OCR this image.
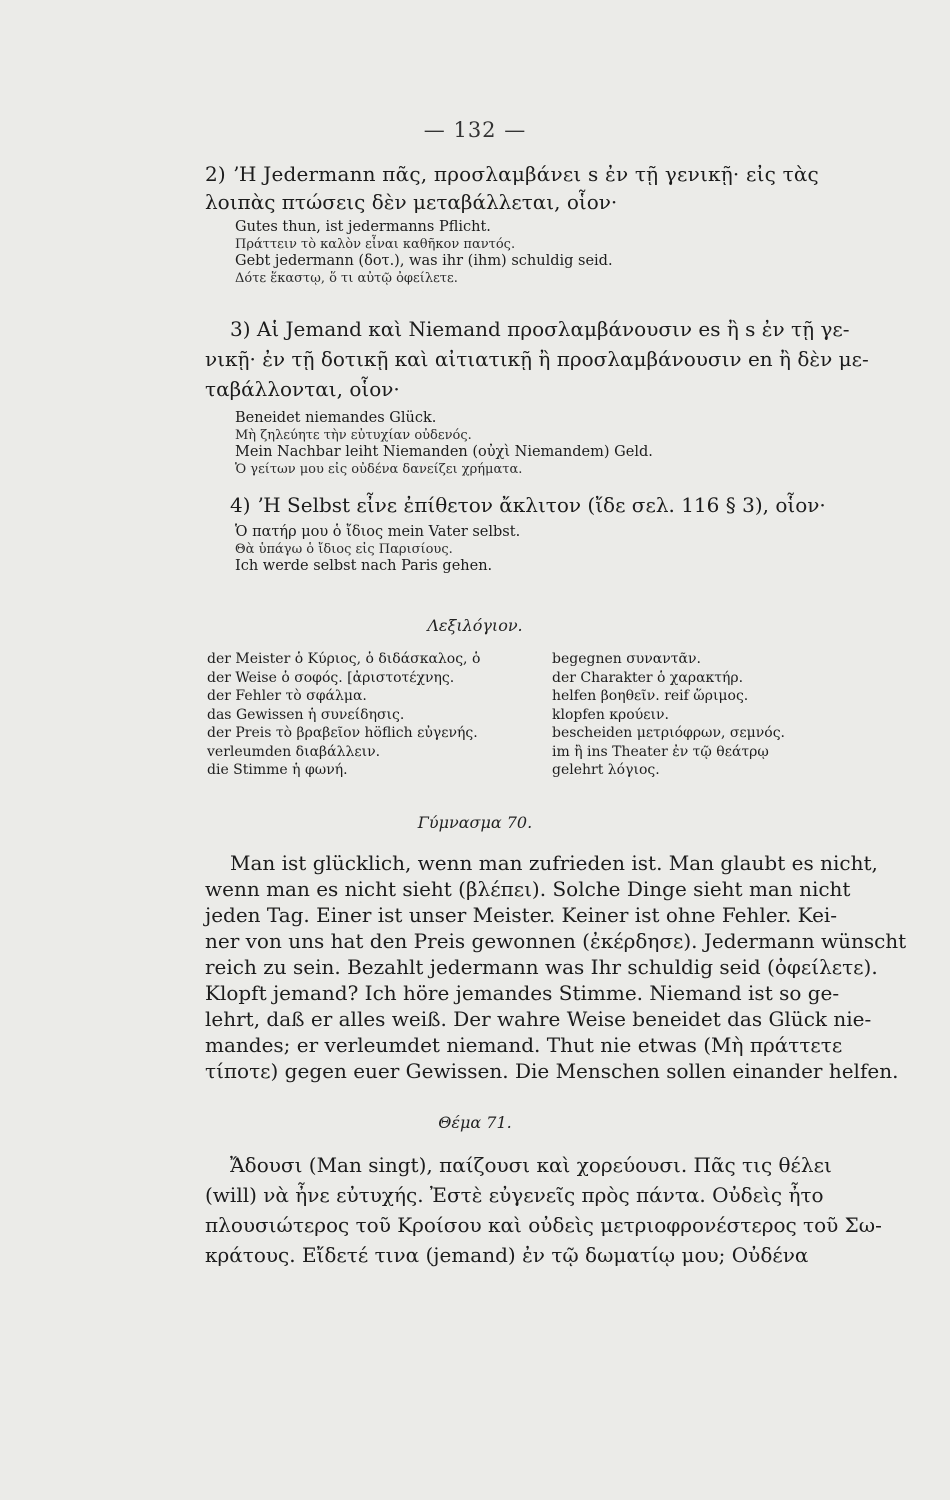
— 132 —
2) ʼΗ Jedermann πᾶς, προσλαμβάνει s ἐν τῇ γενικῇ· εἰς τὰς
λοιπὰς πτώσεις δὲν μεταβάλλεται, οἷον·
Gutes thun, ist jedermanns Pflicht.
Πράττειν τὸ καλὸν εἶναι καθῆκον παντός.
Gebt jedermann (δοτ.), was ihr (ihm) schuldig seid.
Δότε ἕκαστῳ, ὅ τι αὐτῷ ὀφείλετε.
3) Αἱ Jemand καὶ Niemand προσλαμβάνουσιν es ἢ s ἐν τῇ γε-
νικῇ· ἐν τῇ δοτικῇ καὶ αἰτιατικῇ ἢ προσλαμβάνουσιν en ἢ δὲν με-
ταβάλλονται, οἷον·
Beneidet niemandes Glück.
Μὴ ζηλεύητε τὴν εὐτυχίαν οὐδενός.
Mein Nachbar leiht Niemanden (οὐχὶ Niemandem) Geld.
Ὁ γείτων μου εἰς οὐδένα δανείζει χρήματα.
4) ʼΗ Selbst εἶνε ἐπίθετον ἄκλιτον (ἴδε σελ. 116 § 3), οἷον·
Ὁ πατήρ μου ὁ ἴδιος mein Vater selbst.
Θὰ ὑπάγω ὁ ἴδιος εἰς Παρισίους.
Ich werde selbst nach Paris gehen.
Λεξιλόγιον.
der Meister ὁ Κύριος, ὁ διδάσκαλος, ὁ
der Weise ὁ σοφός. [ἀριστοτέχνης.
der Fehler τὸ σφάλμα.
das Gewissen ἡ συνείδησις.
der Preis τὸ βραβεῖον höflich εὐγενής.
verleumden διαβάλλειν.
die Stimme ἡ φωνή.
begegnen συναντᾶν.
der Charakter ὁ χαρακτήρ.
helfen βοηθεῖν. reif ὥριμος.
klopfen κρούειν.
bescheiden μετριόφρων, σεμνός.
im ἢ ins Theater ἐν τῷ θεάτρῳ
gelehrt λόγιος.
Γύμνασμα 70.
Man ist glücklich, wenn man zufrieden ist. Man glaubt es nicht,
wenn man es nicht sieht (βλέπει). Solche Dinge sieht man nicht
jeden Tag. Einer ist unser Meister. Keiner ist ohne Fehler. Kei-
ner von uns hat den Preis gewonnen (ἐκέρδησε). Jedermann wünscht
reich zu sein. Bezahlt jedermann was Ihr schuldig seid (ὀφείλετε).
Klopft jemand? Ich höre jemandes Stimme. Niemand ist so ge-
lehrt, daß er alles weiß. Der wahre Weise beneidet das Glück nie-
mandes; er verleumdet niemand. Thut nie etwas (Μὴ πράττετε
τίποτε) gegen euer Gewissen. Die Menschen sollen einander helfen.
Θέμα 71.
Ἄδουσι (Man singt), παίζουσι καὶ χορεύουσι. Πᾶς τις θέλει
(will) νὰ ἦνε εὐτυχής. Ἐστὲ εὐγενεῖς πρὸς πάντα. Οὐδεὶς ἦτο
πλουσιώτερος τοῦ Κροίσου καὶ οὐδεὶς μετριοφρονέστερος τοῦ Σω-
κράτους. Εἴδετέ τινα (jemand) ἐν τῷ δωματίῳ μου; Οὐδένα
